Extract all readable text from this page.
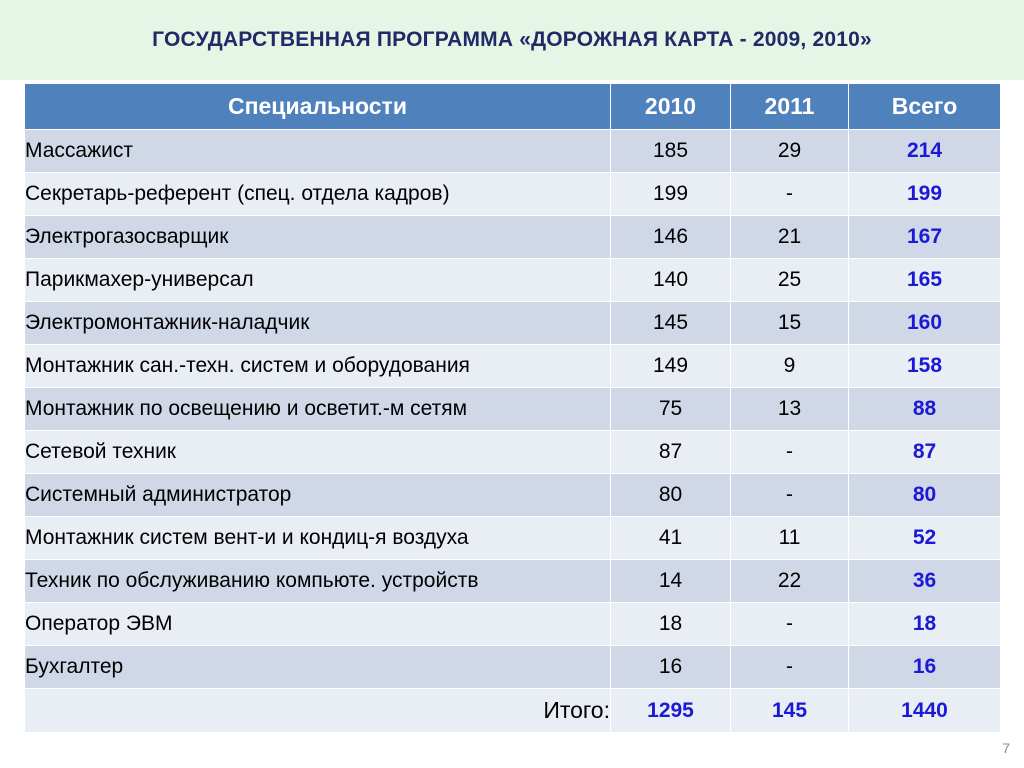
ГОСУДАРСТВЕННАЯ ПРОГРАММА «ДОРОЖНАЯ КАРТА - 2009, 2010»
Специальности	2010	2011	Всего
Массажист	185	29	214
Секретарь-референт (спец. отдела кадров)	199	-	199
Электрогазосварщик	146	21	167
Парикмахер-универсал	140	25	165
Электромонтажник-наладчик	145	15	160
Монтажник сан.-техн. систем и оборудования	149	9	158
Монтажник по освещению и осветит.-м сетям	75	13	88
Сетевой техник	87	-	87
Системный администратор	80	-	80
Монтажник систем вент-и и кондиц-я воздуха	41	11	52
Техник по обслуживанию компьюте. устройств	14	22	36
Оператор ЭВМ	18	-	18
Бухгалтер	16	-	16
Итого:	1295	145	1440
7
